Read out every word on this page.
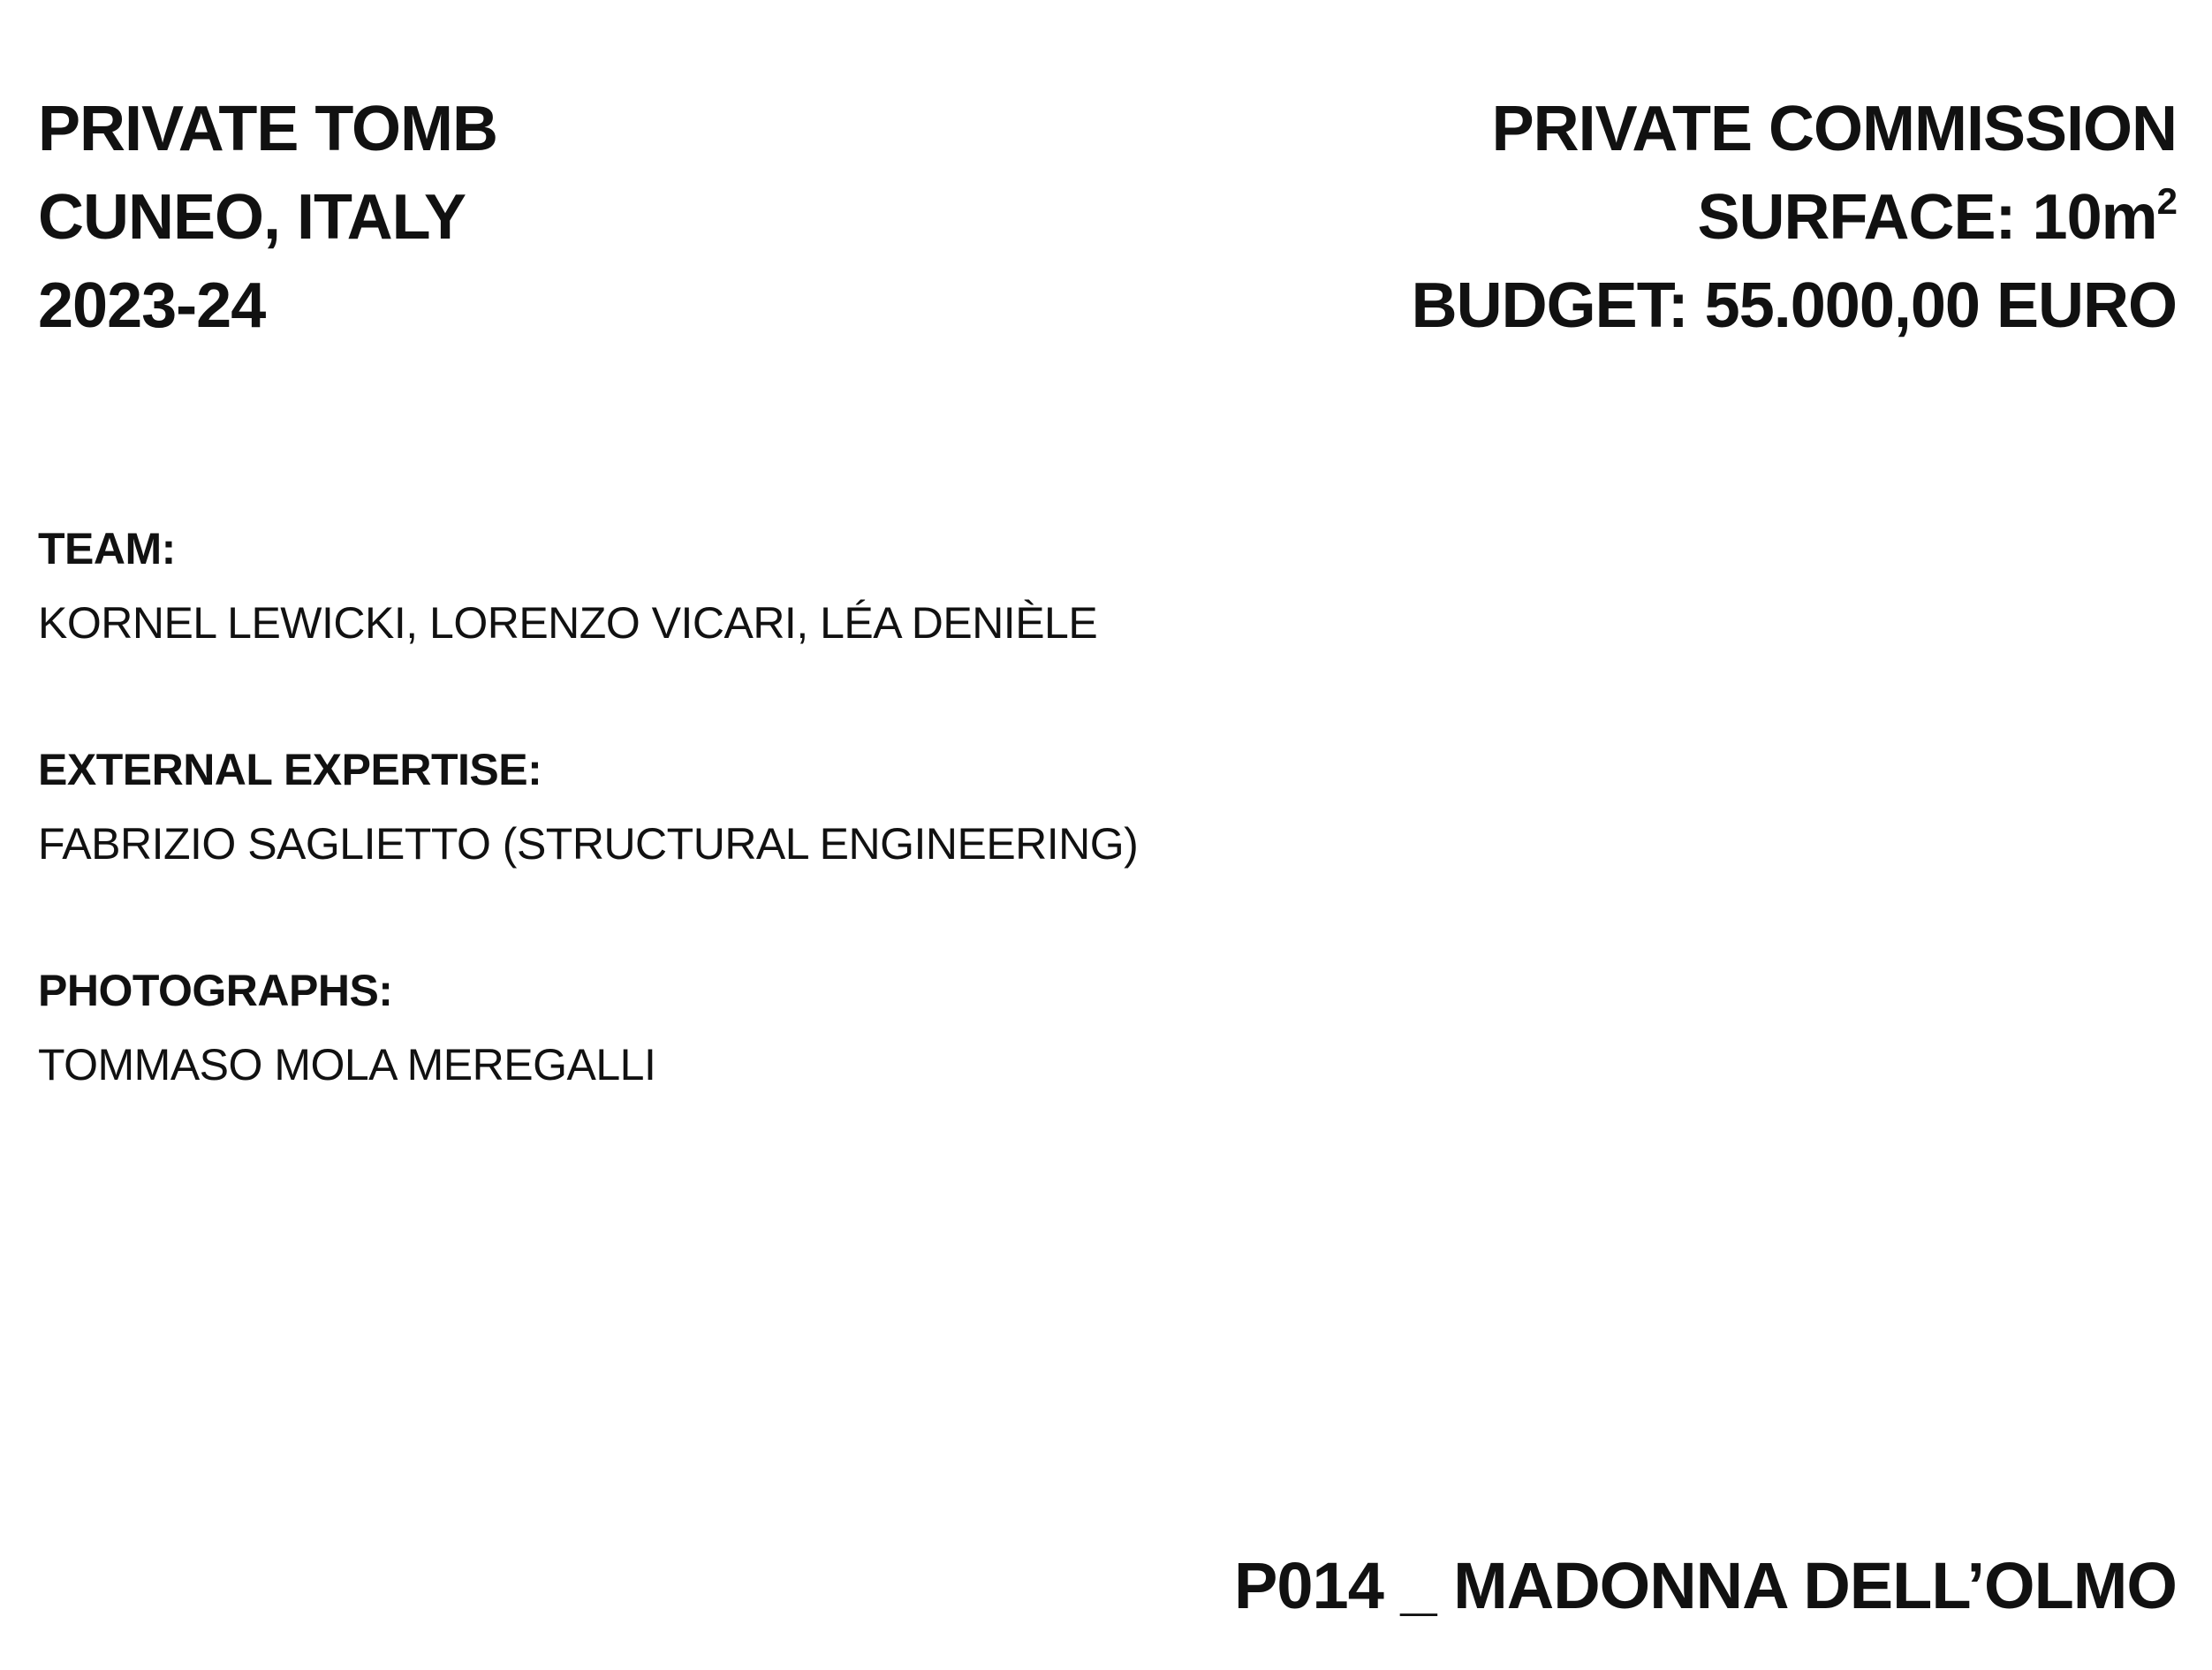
PRIVATE TOMB
CUNEO, ITALY
2023-24
PRIVATE COMMISSION
SURFACE: $10m^2$
BUDGET: 55.000,00 EURO
TEAM:
KORNEL LEWICKI, LORENZO VICARI, LÉA DENIÈLE
EXTERNAL EXPERTISE:
FABRIZIO SAGLIETTO (STRUCTURAL ENGINEERING)
PHOTOGRAPHS:
TOMMASO MOLA MEREGALLI
P014 _ MADONNA DELL’OLMO
